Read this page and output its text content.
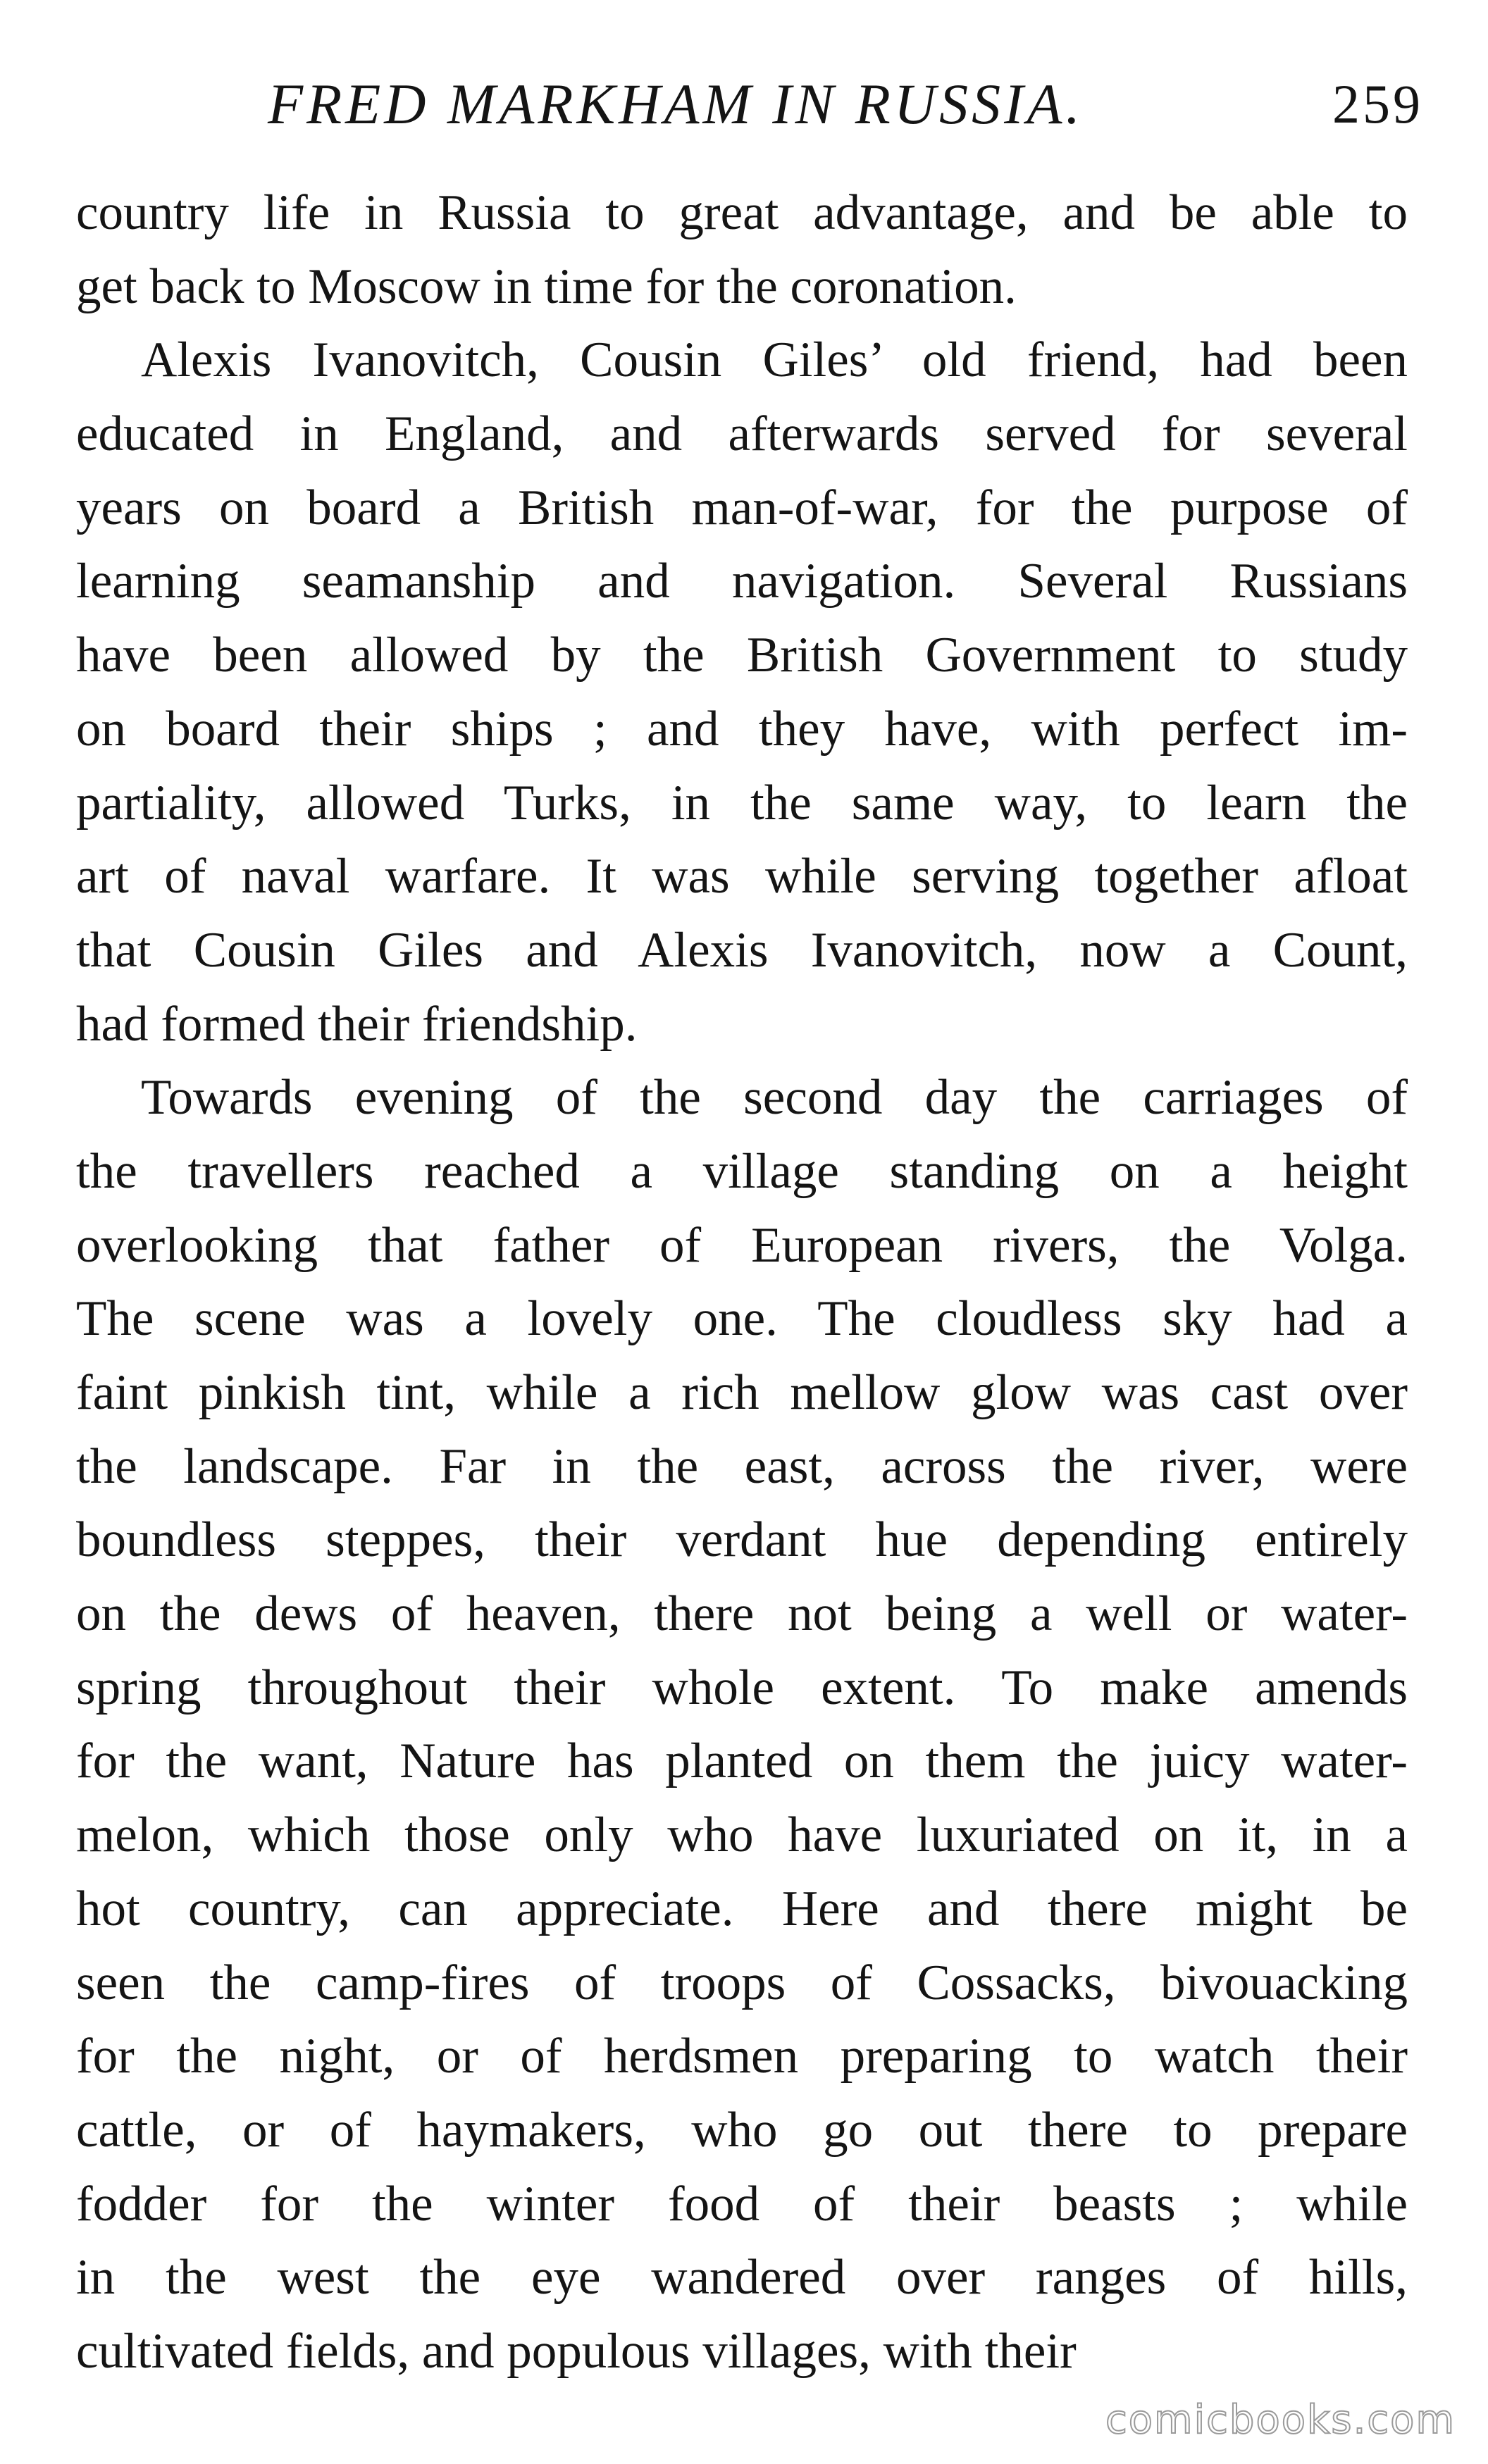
FRED MARKHAM IN RUSSIA.	259
country life in Russia to great advantage, and be able to
get back to Moscow in time for the coronation.
Alexis Ivanovitch, Cousin Giles’ old friend, had been
educated in England, and afterwards served for several
years on board a British man-of-war, for the purpose of
learning seamanship and navigation. Several Russians
have been allowed by the British Government to study
on board their ships ; and they have, with perfect im-
partiality, allowed Turks, in the same way, to learn the
art of naval warfare. It was while serving together afloat
that Cousin Giles and Alexis Ivanovitch, now a Count,
had formed their friendship.
Towards evening of the second day the carriages of
the travellers reached a village standing on a height
overlooking that father of European rivers, the Volga.
The scene was a lovely one. The cloudless sky had a
faint pinkish tint, while a rich mellow glow was cast over
the landscape. Far in the east, across the river, were
boundless steppes, their verdant hue depending entirely
on the dews of heaven, there not being a well or water-
spring throughout their whole extent. To make amends
for the want, Nature has planted on them the juicy water-
melon, which those only who have luxuriated on it, in a
hot country, can appreciate. Here and there might be
seen the camp-fires of troops of Cossacks, bivouacking
for the night, or of herdsmen preparing to watch their
cattle, or of haymakers, who go out there to prepare
fodder for the winter food of their beasts ; while
in the west the eye wandered over ranges of hills,
cultivated fields, and populous villages, with their
comicbooks.com
